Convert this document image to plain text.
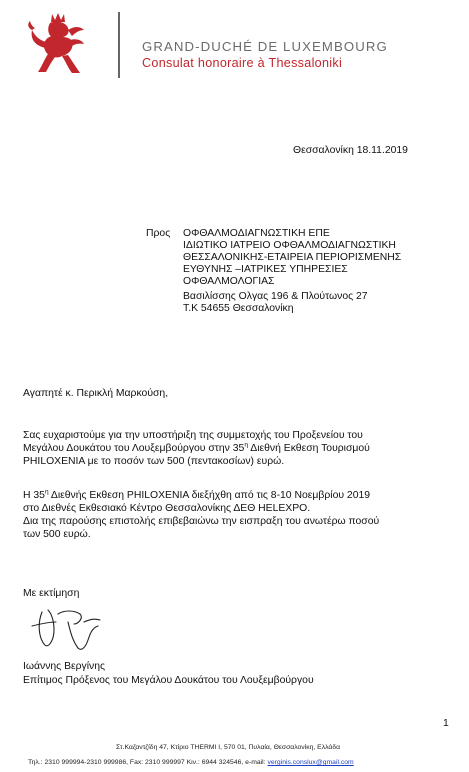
GRAND-DUCHÉ DE LUXEMBOURG
Consulat honoraire à Thessaloniki
Θεσσαλονίκη 18.11.2019
Προς ΟΦΘΑΛΜΟΔΙΑΓΝΩΣΤΙΚΗ ΕΠΕ
ΙΔΙΩΤΙΚΟ ΙΑΤΡΕΙΟ ΟΦΘΑΛΜΟΔΙΑΓΝΩΣΤΙΚΗ
ΘΕΣΣΑΛΟΝΙΚΗΣ-ΕΤΑΙΡΕΙΑ ΠΕΡΙΟΡΙΣΜΕΝΗΣ
ΕΥΘΥΝΗΣ –ΙΑΤΡΙΚΕΣ ΥΠΗΡΕΣΙΕΣ
ΟΦΘΑΛΜΟΛΟΓΙΑΣ
Βασιλίσσης Ολγας 196 & Πλούτωνος 27
Τ.Κ 54655 Θεσσαλονίκη
Αγαπητέ κ. Περικλή Μαρκούση,
Σας ευχαριστούμε για την υποστήριξη της συμμετοχής του Προξενείου του
Μεγάλου Δουκάτου του Λουξεμβούργου στην $35^\eta$ Διεθνή Εκθεση Τουρισμού
PHILOXENIA με το ποσόν των 500 (πεντακοσίων) ευρώ.
Η $35^\eta$ Διεθνής Εκθεση PHILOXENIA διεξήχθη από τις 8-10 Νοεμβρίου 2019
στο Διεθνές Εκθεσιακό Κέντρο Θεσσαλονίκης ΔΕΘ HELEXPO.
Δια της παρούσης επιστολής επιβεβαιώνω την εισπραξη του ανωτέρω ποσού
των 500 ευρώ.
Με εκτίμηση
Ιωάννης Βεργίνης
Επίτιμος Πρόξενος του Μεγάλου Δουκάτου του Λουξεμβούργου
1
Στ.Καζαντζίδη 47, Κτίριο THERMI I, 570 01, Πυλαία, Θεσσαλονίκη, Ελλάδα
Τηλ.: 2310 999994-2310 999986, Fax: 2310 999997 Κιν.: 6944 324546, e-mail: verginis.conslux@gmail.com
